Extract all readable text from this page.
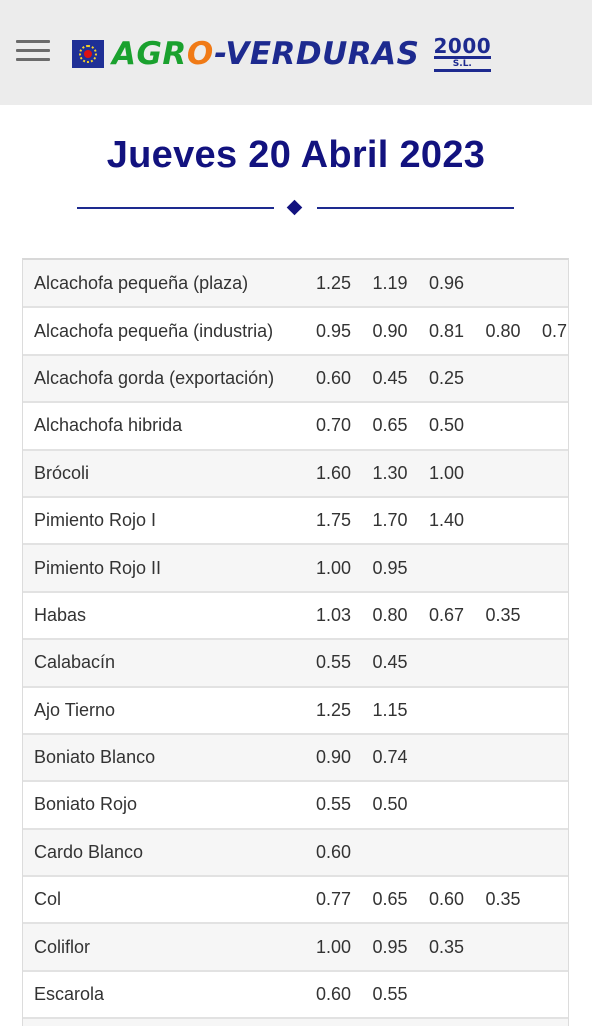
AGRO-VERDURAS 2000
S.L.
Jueves 20 Abril 2023
Alcachofa pequeña (plaza)	1.25	1.19	0.96		
Alcachofa pequeña (industria)	0.95	0.90	0.81	0.80	0.7
Alcachofa gorda (exportación)	0.60	0.45	0.25		
Alchachofa hibrida	0.70	0.65	0.50		
Brócoli	1.60	1.30	1.00		
Pimiento Rojo I	1.75	1.70	1.40		
Pimiento Rojo II	1.00	0.95			
Habas	1.03	0.80	0.67	0.35	
Calabacín	0.55	0.45			
Ajo Tierno	1.25	1.15			
Boniato Blanco	0.90	0.74			
Boniato Rojo	0.55	0.50			
Cardo Blanco	0.60				
Col	0.77	0.65	0.60	0.35	
Coliflor	1.00	0.95	0.35		
Escarola	0.60	0.55			
